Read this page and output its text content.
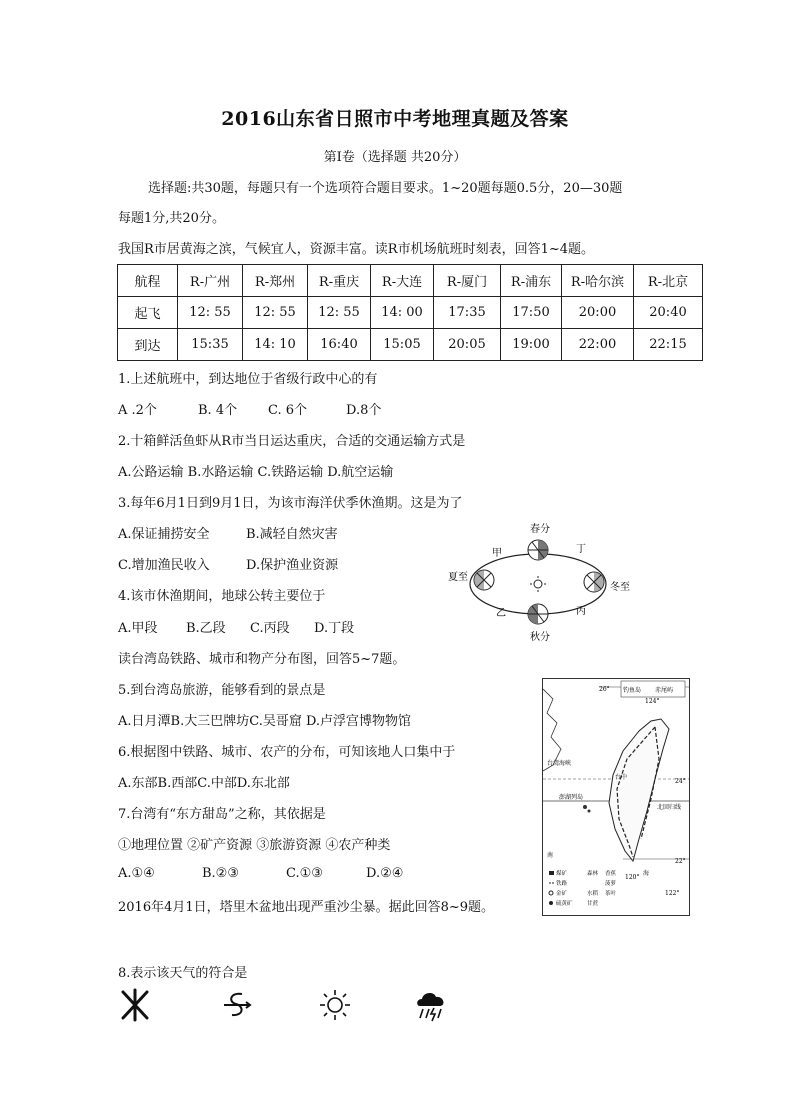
2016山东省日照市中考地理真题及答案
第Ⅰ卷（选择题 共20分）
选择题:共30题，每题只有一个选项符合题目要求。1~20题每题0.5分，20—30题
每题1分,共20分。
我国R市居黄海之滨，气候宜人，资源丰富。读R市机场航班时刻表，回答1~4题。
航程	R-广州	R-郑州	R-重庆	R-大连	R-厦门	R-浦东	R-哈尔滨	R-北京
起飞	12: 55	12: 55	12: 55	14: 00	17:35	17:50	20:00	20:40
到达	15:35	14: 10	16:40	15:05	20:05	19:00	22:00	22:15
1.上述航班中，到达地位于省级行政中心的有
A .2个	B. 4个 C. 6个	D.8个
2.十箱鲜活鱼虾从R市当日运达重庆，合适的交通运输方式是
A.公路运输 B.水路运输 C.铁路运输 D.航空运输
3.每年6月1日到9月1日，为该市海洋伏季休渔期。这是为了
A.保证捕捞安全	B.减轻自然灾害
C.增加渔民收入	D.保护渔业资源
4.该市休渔期间，地球公转主要位于
A.甲段 B.乙段 C.丙段 D.丁段
春分
秋分
夏至
冬至
甲
乙	丙
丁
读台湾岛铁路、城市和物产分布图，回答5~7题。
5.到台湾岛旅游，能够看到的景点是
A.日月潭B.大三巴牌坊C.吴哥窟 D.卢浮宫博物物馆
6.根据图中铁路、城市、农产的分布，可知该地人口集中于
A.东部B.西部C.中部D.东北部
7.台湾有“东方甜岛”之称，其依据是
①地理位置 ②矿产资源 ③旅游资源 ④农产种类
A.①④	B.②③	C.①③	D.②④
钓鱼岛 赤尾屿
26°
124°
24°
22°
120°
122°
台湾海峡
澎湖列岛
台中
北回归线
海
南
煤矿
铁路
金矿
硫黄矿
森林
水稻
甘蔗
香蕉
菠萝
茶叶
2016年4月1日，塔里木盆地出现严重沙尘暴。据此回答8~9题。
8.表示该天气的符合是
